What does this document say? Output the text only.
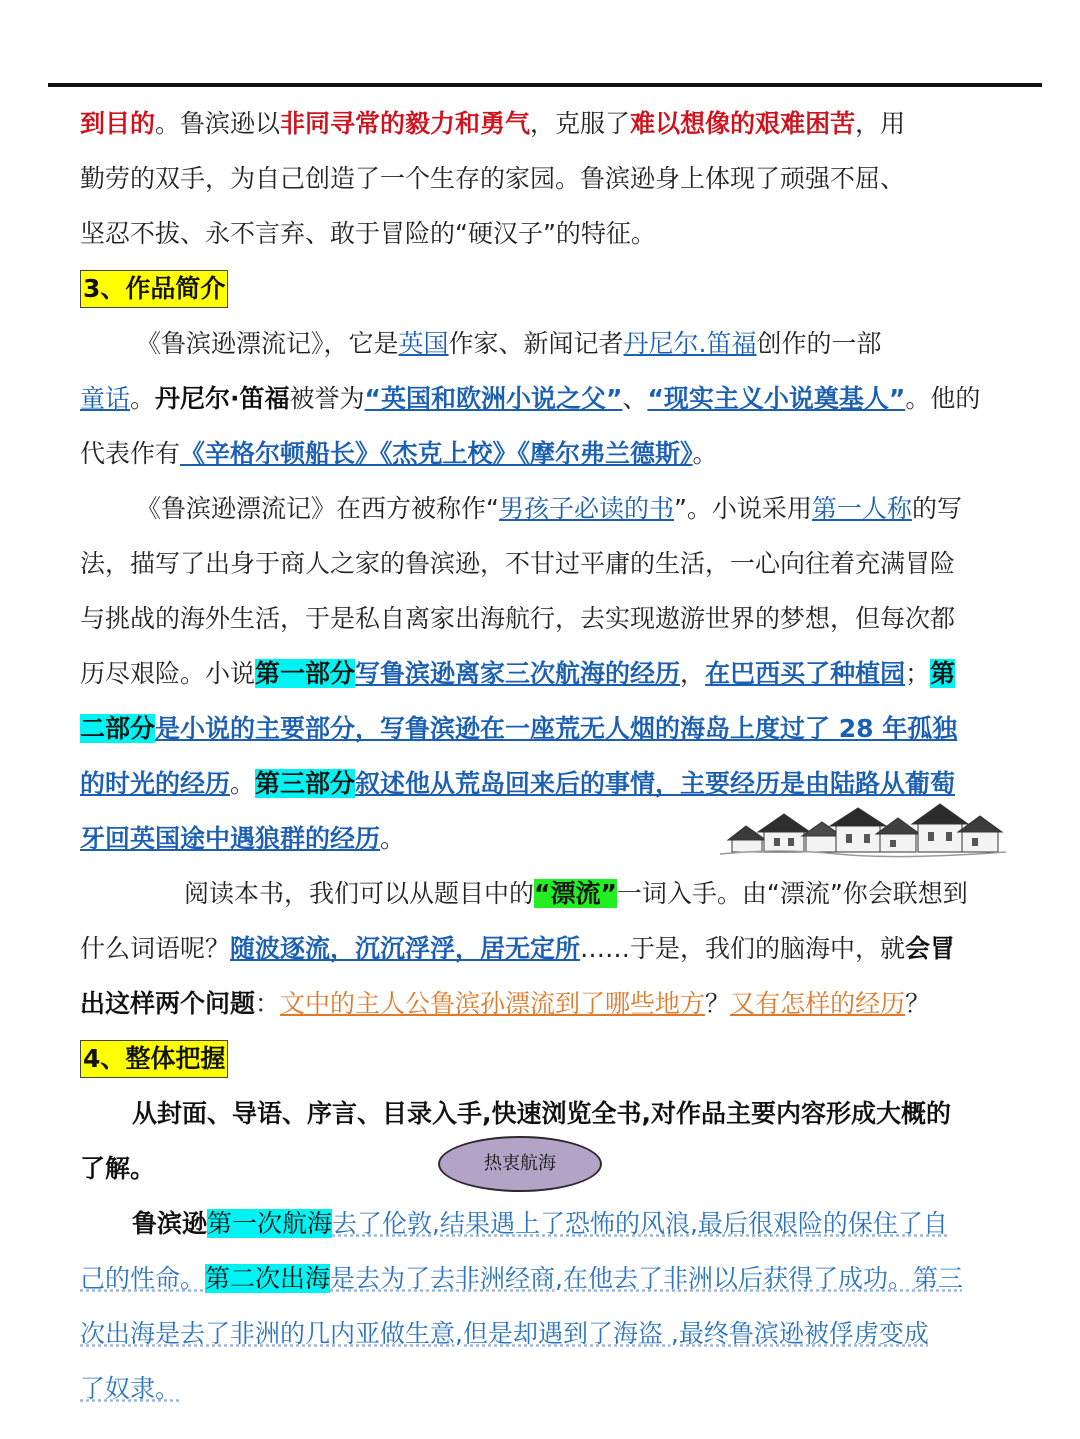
到目的。鲁滨逊以非同寻常的毅力和勇气，克服了难以想像的艰难困苦，用
勤劳的双手，为自己创造了一个生存的家园。鲁滨逊身上体现了顽强不屈、
坚忍不拔、永不言弃、敢于冒险的“硬汉子”的特征。
3、作品简介
《鲁滨逊漂流记》，它是英国作家、新闻记者丹尼尔.笛福创作的一部
童话。丹尼尔·笛福被誉为“英国和欧洲小说之父”、“现实主义小说奠基人”。他的
代表作有《辛格尔顿船长》《杰克上校》《摩尔弗兰德斯》。
《鲁滨逊漂流记》在西方被称作“男孩子必读的书”。小说采用第一人称的写
法，描写了出身于商人之家的鲁滨逊，不甘过平庸的生活，一心向往着充满冒险
与挑战的海外生活，于是私自离家出海航行，去实现遨游世界的梦想，但每次都
历尽艰险。小说第一部分写鲁滨逊离家三次航海的经历，在巴西买了种植园；第
二部分是小说的主要部分，写鲁滨逊在一座荒无人烟的海岛上度过了 28 年孤独
的时光的经历。第三部分叙述他从荒岛回来后的事情，主要经历是由陆路从葡萄
牙回英国途中遇狼群的经历。
阅读本书，我们可以从题目中的“漂流”一词入手。由“漂流”你会联想到
什么词语呢？随波逐流，沉沉浮浮，居无定所……于是，我们的脑海中，就会冒
出这样两个问题：文中的主人公鲁滨孙漂流到了哪些地方？又有怎样的经历？
4、整体把握
从封面、导语、序言、目录入手,快速浏览全书,对作品主要内容形成大概的
了解。
鲁滨逊第一次航海去了伦敦,结果遇上了恐怖的风浪,最后很艰险的保住了自
己的性命。第二次出海是去为了去非洲经商,在他去了非洲以后获得了成功。第三
次出海是去了非洲的几内亚做生意,但是却遇到了海盗 ,最终鲁滨逊被俘虏变成
了奴隶。
热衷航海
